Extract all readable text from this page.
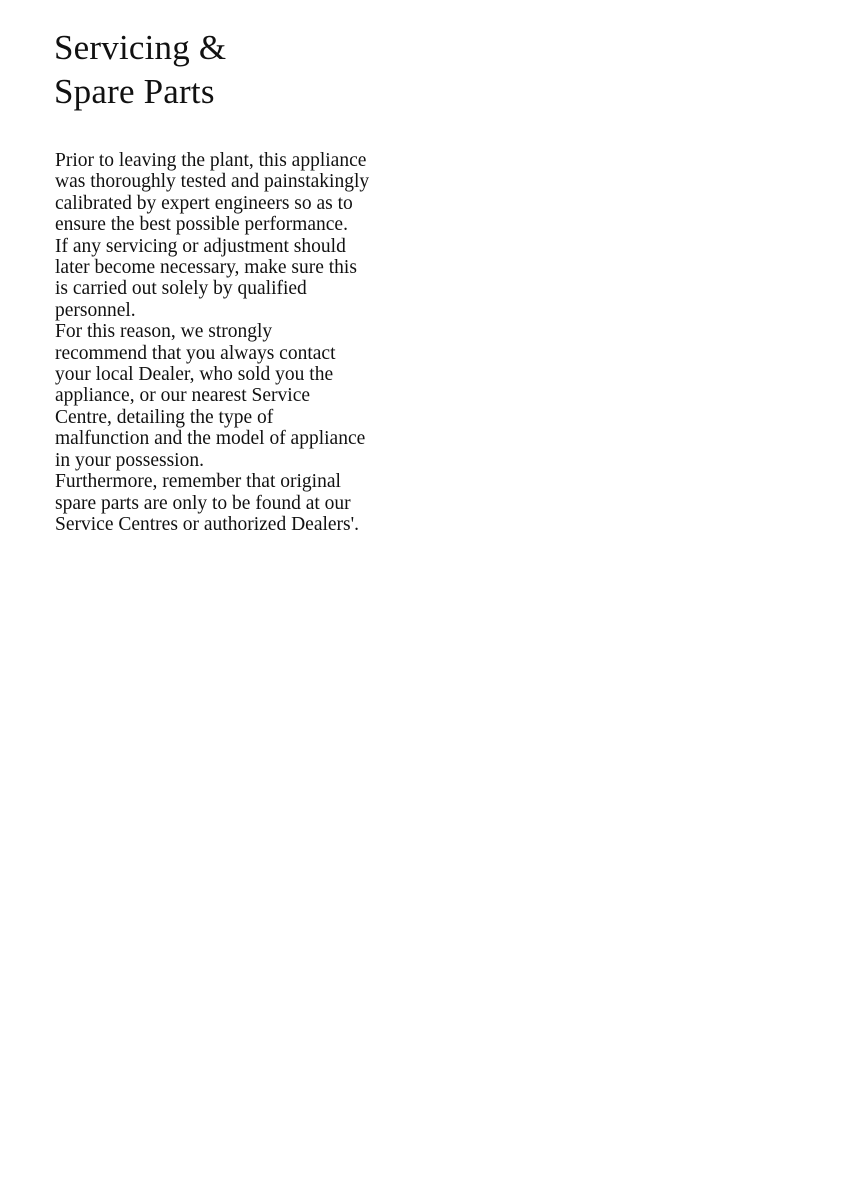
Servicing &
Spare Parts
Prior to leaving the plant, this appliance
was thoroughly tested and painstakingly
calibrated by expert engineers so as to
ensure the best possible performance.
If any servicing or adjustment should
later become necessary, make sure this
is carried out solely by qualified
personnel.
For this reason, we strongly
recommend that you always contact
your local Dealer, who sold you the
appliance, or our nearest Service
Centre, detailing the type of
malfunction and the model of appliance
in your possession.
Furthermore, remember that original
spare parts are only to be found at our
Service Centres or authorized Dealers'.
